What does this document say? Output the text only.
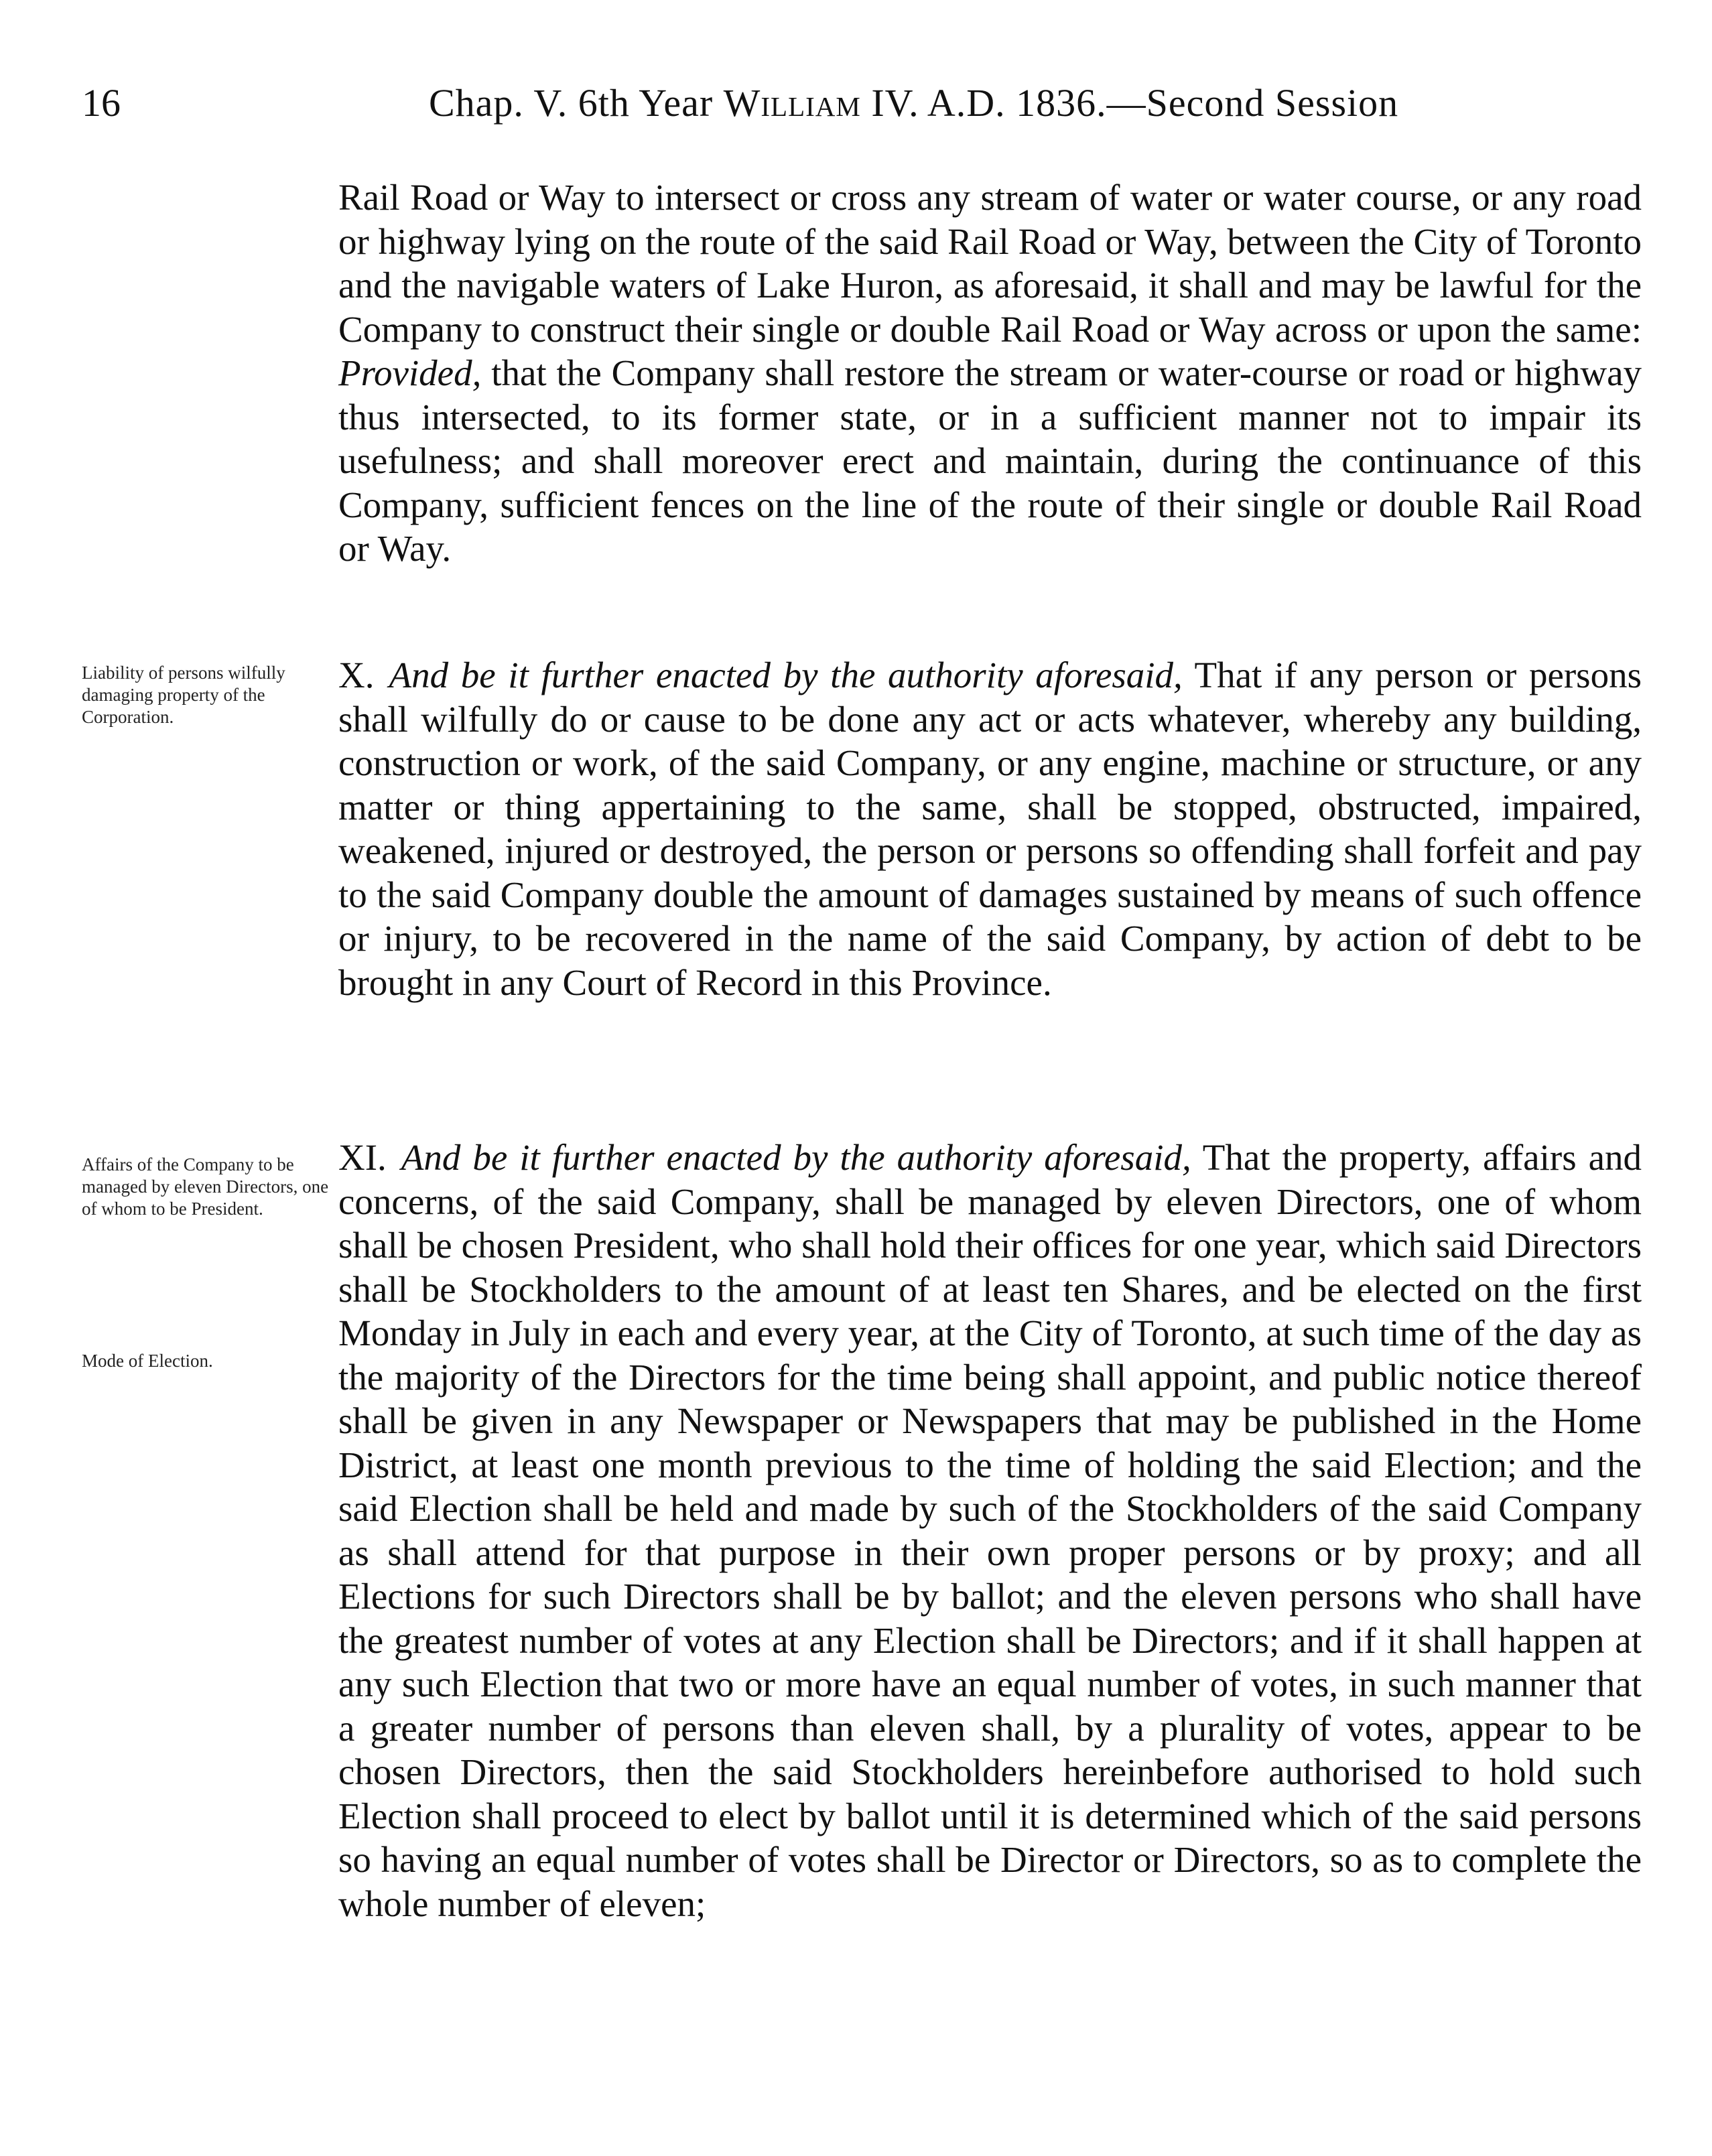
16	Chap. V. 6th Year William IV. A.D. 1836.—Second Session
Liability of persons wilfully damaging property of the Corporation.
Affairs of the Company to be managed by eleven Directors, one of whom to be President.
Mode of Election.

Rail Road or Way to intersect or cross any stream of water or water course, or any road or highway lying on the route of the said Rail Road or Way, between the City of Toronto and the navigable waters of Lake Huron, as aforesaid, it shall and may be lawful for the Company to construct their single or double Rail Road or Way across or upon the same: Provided, that the Company shall restore the stream or water-course or road or highway thus intersected, to its former state, or in a sufficient manner not to impair its usefulness; and shall moreover erect and maintain, during the continuance of this Company, sufficient fences on the line of the route of their single or double Rail Road or Way.

X. And be it further enacted by the authority aforesaid, That if any person or persons shall wilfully do or cause to be done any act or acts whatever, whereby any building, construction or work, of the said Company, or any engine, machine or structure, or any matter or thing appertaining to the same, shall be stopped, obstructed, impaired, weakened, injured or destroyed, the person or persons so offending shall forfeit and pay to the said Company double the amount of damages sustained by means of such offence or injury, to be recovered in the name of the said Company, by action of debt to be brought in any Court of Record in this Province.

XI. And be it further enacted by the authority aforesaid, That the property, affairs and concerns, of the said Company, shall be managed by eleven Directors, one of whom shall be chosen President, who shall hold their offices for one year, which said Directors shall be Stockholders to the amount of at least ten Shares, and be elected on the first Monday in July in each and every year, at the City of Toronto, at such time of the day as the majority of the Directors for the time being shall appoint, and public notice thereof shall be given in any Newspaper or Newspapers that may be published in the Home District, at least one month previous to the time of holding the said Election; and the said Election shall be held and made by such of the Stockholders of the said Company as shall attend for that purpose in their own proper persons or by proxy; and all Elections for such Directors shall be by ballot; and the eleven persons who shall have the greatest number of votes at any Election shall be Directors; and if it shall happen at any such Election that two or more have an equal number of votes, in such manner that a greater number of persons than eleven shall, by a plurality of votes, appear to be chosen Directors, then the said Stockholders hereinbefore authorised to hold such Election shall proceed to elect by ballot until it is determined which of the said persons so having an equal number of votes shall be Director or Directors, so as to complete the whole number of eleven;
